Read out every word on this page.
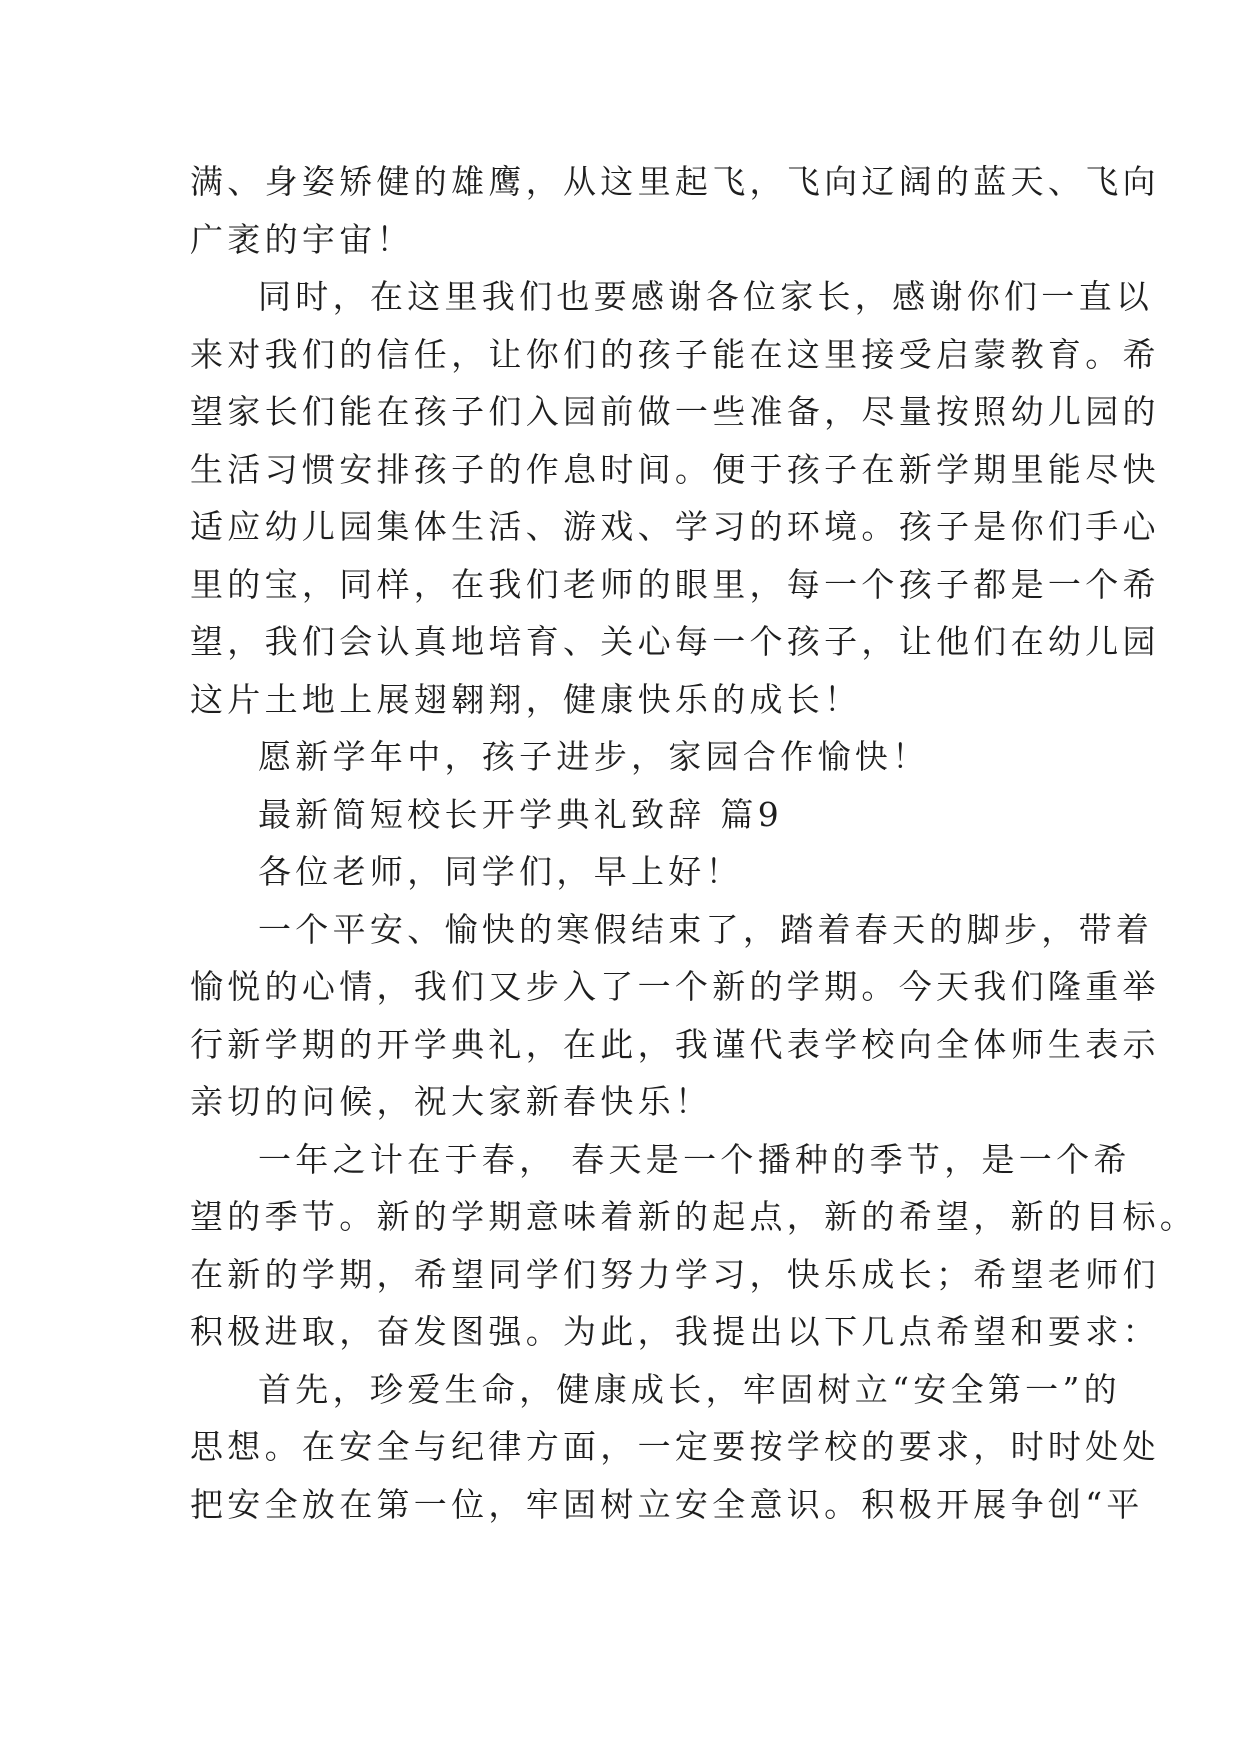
满、身姿矫健的雄鹰，从这里起飞，飞向辽阔的蓝天、飞向
广袤的宇宙！
同时，在这里我们也要感谢各位家长，感谢你们一直以
来对我们的信任，让你们的孩子能在这里接受启蒙教育。希
望家长们能在孩子们入园前做一些准备，尽量按照幼儿园的
生活习惯安排孩子的作息时间。便于孩子在新学期里能尽快
适应幼儿园集体生活、游戏、学习的环境。孩子是你们手心
里的宝，同样，在我们老师的眼里，每一个孩子都是一个希
望，我们会认真地培育、关心每一个孩子，让他们在幼儿园
这片土地上展翅翱翔，健康快乐的成长！
愿新学年中，孩子进步，家园合作愉快！
最新简短校长开学典礼致辞 篇9
各位老师，同学们，早上好！
一个平安、愉快的寒假结束了，踏着春天的脚步，带着
愉悦的心情，我们又步入了一个新的学期。今天我们隆重举
行新学期的开学典礼，在此，我谨代表学校向全体师生表示
亲切的问候，祝大家新春快乐！
一年之计在于春， 春天是一个播种的季节，是一个希
望的季节。新的学期意味着新的起点，新的希望，新的目标。
在新的学期，希望同学们努力学习，快乐成长；希望老师们
积极进取，奋发图强。为此，我提出以下几点希望和要求：
首先，珍爱生命，健康成长，牢固树立“安全第一”的
思想。在安全与纪律方面，一定要按学校的要求，时时处处
把安全放在第一位，牢固树立安全意识。积极开展争创“平
